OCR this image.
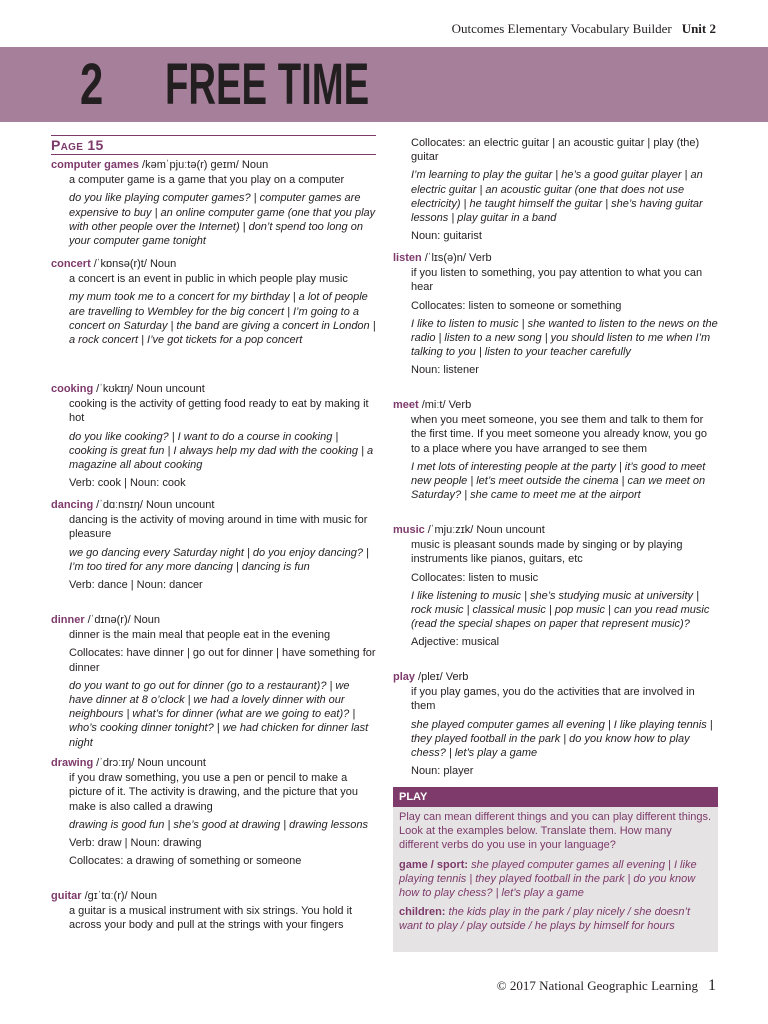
Outcomes Elementary Vocabulary Builder Unit 2
2 FREE TIME
Page 15
computer games /kəmˈpjuːtə(r) ɡeɪm/ Noun
a computer game is a game that you play on a computer
do you like playing computer games? | computer games are expensive to buy | an online computer game (one that you play with other people over the Internet) | don’t spend too long on your computer game tonight
concert /ˈkɒnsə(r)t/ Noun
a concert is an event in public in which people play music
my mum took me to a concert for my birthday | a lot of people are travelling to Wembley for the big concert | I’m going to a concert on Saturday | the band are giving a concert in London | a rock concert | I’ve got tickets for a pop concert
cooking /ˈkʊkɪŋ/ Noun uncount
cooking is the activity of getting food ready to eat by making it hot
do you like cooking? | I want to do a course in cooking | cooking is great fun | I always help my dad with the cooking | a magazine all about cooking
Verb: cook | Noun: cook
dancing /ˈdɑːnsɪŋ/ Noun uncount
dancing is the activity of moving around in time with music for pleasure
we go dancing every Saturday night | do you enjoy dancing? | I’m too tired for any more dancing | dancing is fun
Verb: dance | Noun: dancer
dinner /ˈdɪnə(r)/ Noun
dinner is the main meal that people eat in the evening
Collocates: have dinner | go out for dinner | have something for dinner
do you want to go out for dinner (go to a restaurant)? | we have dinner at 8 o’clock | we had a lovely dinner with our neighbours | what’s for dinner (what are we going to eat)? | who’s cooking dinner tonight? | we had chicken for dinner last night
drawing /ˈdrɔːɪŋ/ Noun uncount
if you draw something, you use a pen or pencil to make a picture of it. The activity is drawing, and the picture that you make is also called a drawing
drawing is good fun | she’s good at drawing | drawing lessons
Verb: draw | Noun: drawing
Collocates: a drawing of something or someone
guitar /ɡɪˈtɑː(r)/ Noun
a guitar is a musical instrument with six strings. You hold it across your body and pull at the strings with your fingers
Collocates: an electric guitar | an acoustic guitar | play (the) guitar
I’m learning to play the guitar | he’s a good guitar player | an electric guitar | an acoustic guitar (one that does not use electricity) | he taught himself the guitar | she’s having guitar lessons | play guitar in a band
Noun: guitarist
listen /ˈlɪs(ə)n/ Verb
if you listen to something, you pay attention to what you can hear
Collocates: listen to someone or something
I like to listen to music | she wanted to listen to the news on the radio | listen to a new song | you should listen to me when I’m talking to you | listen to your teacher carefully
Noun: listener
meet /miːt/ Verb
when you meet someone, you see them and talk to them for the first time. If you meet someone you already know, you go to a place where you have arranged to see them
I met lots of interesting people at the party | it’s good to meet new people | let’s meet outside the cinema | can we meet on Saturday? | she came to meet me at the airport
music /ˈmjuːzɪk/ Noun uncount
music is pleasant sounds made by singing or by playing instruments like pianos, guitars, etc
Collocates: listen to music
I like listening to music | she’s studying music at university | rock music | classical music | pop music | can you read music (read the special shapes on paper that represent music)?
Adjective: musical
play /pleɪ/ Verb
if you play games, you do the activities that are involved in them
she played computer games all evening | I like playing tennis | they played football in the park | do you know how to play chess? | let’s play a game
Noun: player
PLAY
Play can mean different things and you can play different things. Look at the examples below. Translate them. How many different verbs do you use in your language?
game / sport: she played computer games all evening | I like playing tennis | they played football in the park | do you know how to play chess? | let’s play a game
children: the kids play in the park / play nicely / she doesn’t want to play / play outside / he plays by himself for hours
© 2017 National Geographic Learning 1
